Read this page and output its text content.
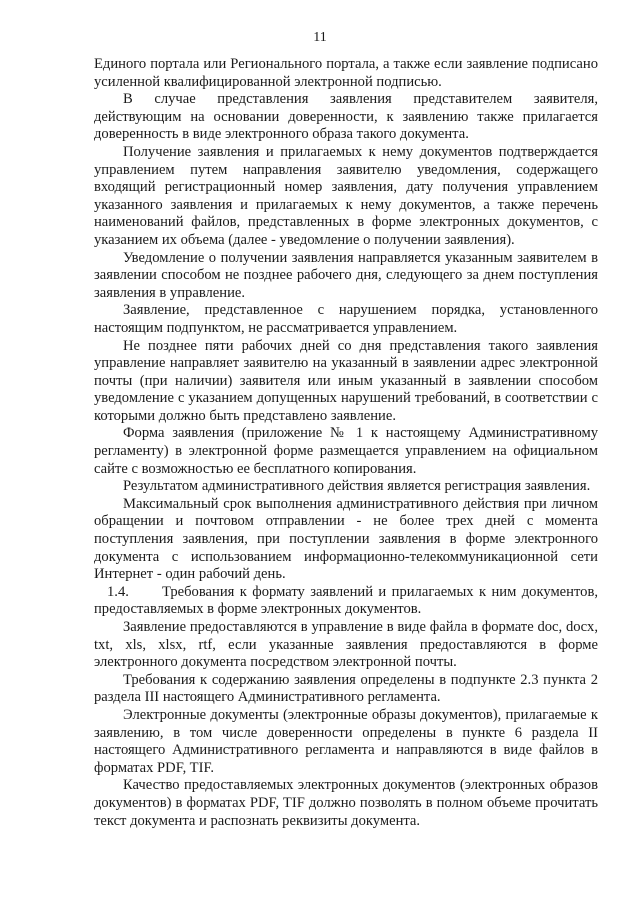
11

Единого портала или Регионального портала, а также если заявление подписано усиленной квалифицированной электронной подписью.

В случае представления заявления представителем заявителя, действующим на основании доверенности, к заявлению также прилагается доверенность в виде электронного образа такого документа.

Получение заявления и прилагаемых к нему документов подтверждается управлением путем направления заявителю уведомления, содержащего входящий регистрационный номер заявления, дату получения управлением указанного заявления и прилагаемых к нему документов, а также перечень наименований файлов, представленных в форме электронных документов, с указанием их объема (далее - уведомление о получении заявления).

Уведомление о получении заявления направляется указанным заявителем в заявлении способом не позднее рабочего дня, следующего за днем поступления заявления в управление.

Заявление, представленное с нарушением порядка, установленного настоящим подпунктом, не рассматривается управлением.

Не позднее пяти рабочих дней со дня представления такого заявления управление направляет заявителю на указанный в заявлении адрес электронной почты (при наличии) заявителя или иным указанный в заявлении способом уведомление с указанием допущенных нарушений требований, в соответствии с которыми должно быть представлено заявление.

Форма заявления (приложение № 1 к настоящему Административному регламенту) в электронной форме размещается управлением на официальном сайте с возможностью ее бесплатного копирования.

Результатом административного действия является регистрация заявления.

Максимальный срок выполнения административного действия при личном обращении и почтовом отправлении - не более трех дней с момента поступления заявления, при поступлении заявления в форме электронного документа с использованием информационно-телекоммуникационной сети Интернет - один рабочий день.

1.4. Требования к формату заявлений и прилагаемых к ним документов, предоставляемых в форме электронных документов.

Заявление предоставляются в управление в виде файла в формате doc, docx, txt, xls, xlsx, rtf, если указанные заявления предоставляются в форме электронного документа посредством электронной почты.

Требования к содержанию заявления определены в подпункте 2.3 пункта 2 раздела III настоящего Административного регламента.

Электронные документы (электронные образы документов), прилагаемые к заявлению, в том числе доверенности определены в пункте 6 раздела II настоящего Административного регламента и направляются в виде файлов в форматах PDF, TIF.

Качество предоставляемых электронных документов (электронных образов документов) в форматах PDF, TIF должно позволять в полном объеме прочитать текст документа и распознать реквизиты документа.
